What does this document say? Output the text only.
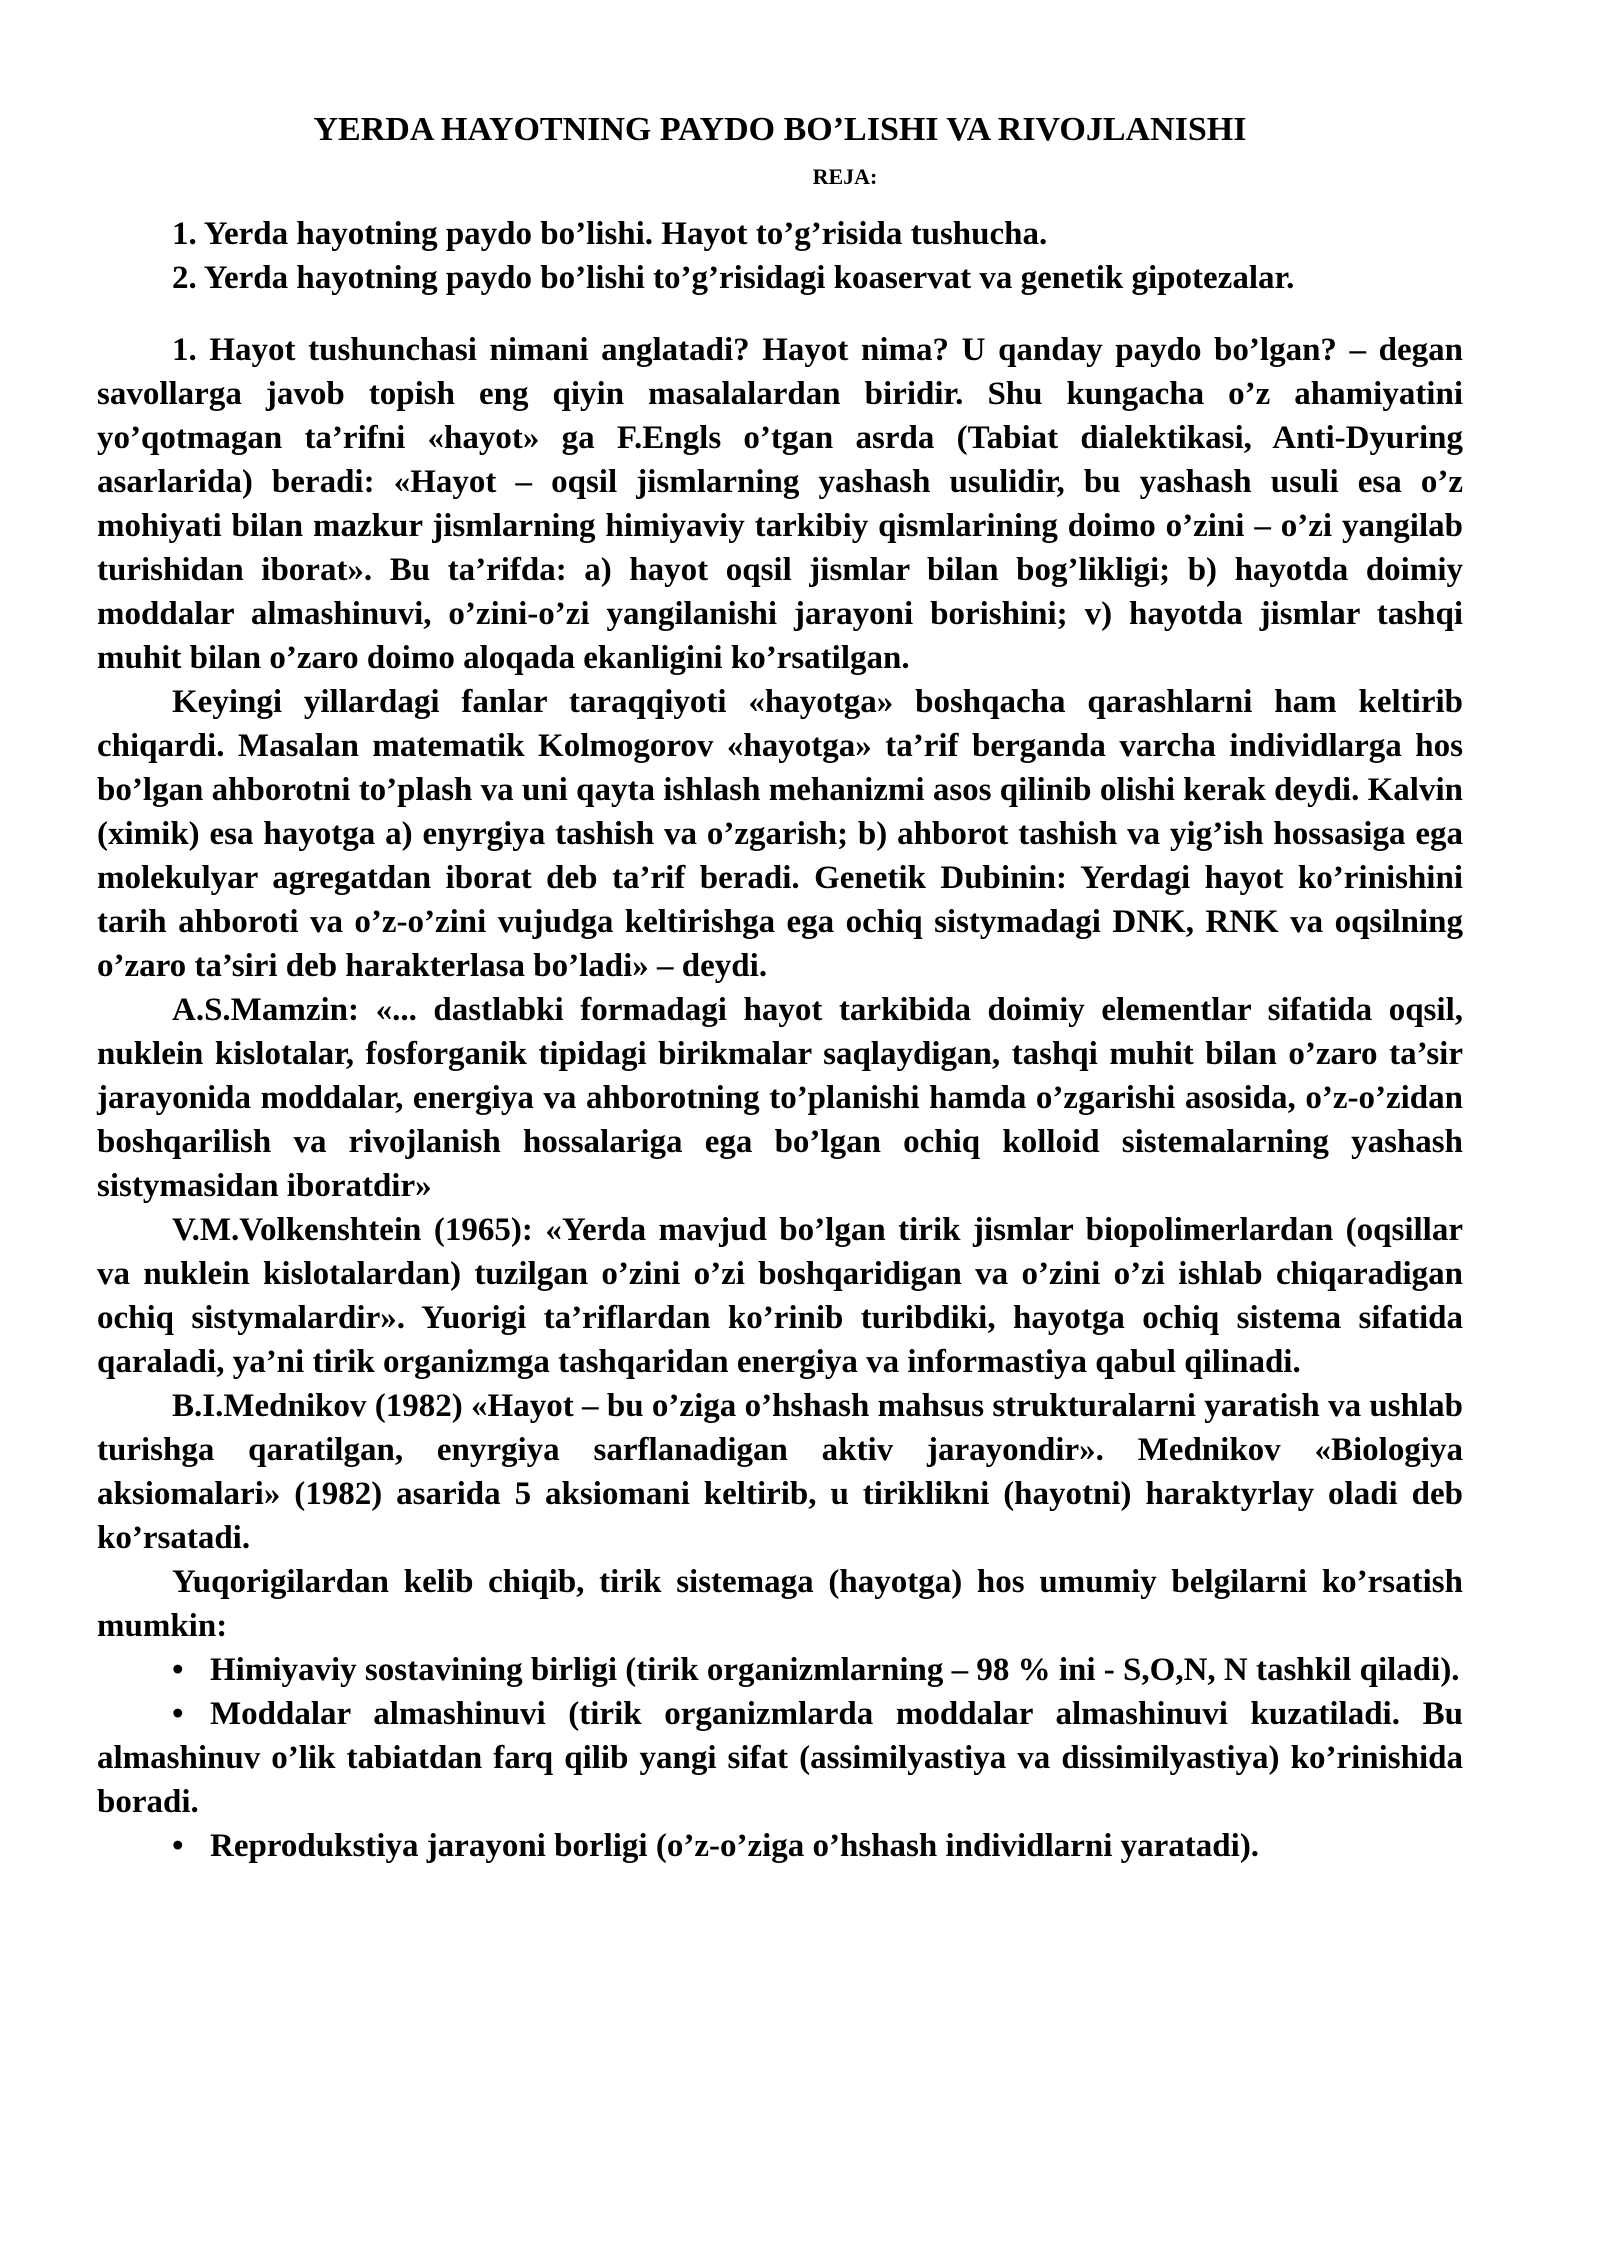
YERDA HAYOTNING PAYDO BO’LISHI VA RIVOJLANISHI
REJA:
1. Yerda hayotning paydo bo’lishi. Hayot to’g’risida tushucha.
2. Yerda hayotning paydo bo’lishi to’g’risidagi koaservat va genetik gipotezalar.

1. Hayot tushunchasi nimani anglatadi? Hayot nima? U qanday paydo bo’lgan? – degan savollarga javob topish eng qiyin masalalardan biridir. Shu kungacha o’z ahamiyatini yo’qotmagan ta’rifni «hayot» ga F.Engls o’tgan asrda (Tabiat dialektikasi, Anti-Dyuring asarlarida) beradi: «Hayot – oqsil jismlarning yashash usulidir, bu yashash usuli esa o’z mohiyati bilan mazkur jismlarning himiyaviy tarkibiy qismlarining doimo o’zini – o’zi yangilab turishidan iborat». Bu ta’rifda: a) hayot oqsil jismlar bilan bog’likligi; b) hayotda doimiy moddalar almashinuvi, o’zini-o’zi yangilanishi jarayoni borishini; v) hayotda jismlar tashqi muhit bilan o’zaro doimo aloqada ekanligini ko’rsatilgan.

Keyingi yillardagi fanlar taraqqiyoti «hayotga» boshqacha qarashlarni ham keltirib chiqardi. Masalan matematik Kolmogorov «hayotga» ta’rif berganda varcha individlarga hos bo’lgan ahborotni to’plash va uni qayta ishlash mehanizmi asos qilinib olishi kerak deydi. Kalvin (ximik) esa hayotga a) enyrgiya tashish va o’zgarish; b) ahborot tashish va yig’ish hossasiga ega molekulyar agregatdan iborat deb ta’rif beradi. Genetik Dubinin: Yerdagi hayot ko’rinishini tarih ahboroti va o’z-o’zini vujudga keltirishga ega ochiq sistymadagi DNK, RNK va oqsilning o’zaro ta’siri deb harakterlasa bo’ladi» – deydi.

A.S.Mamzin: «... dastlabki formadagi hayot tarkibida doimiy elementlar sifatida oqsil, nuklein kislotalar, fosforganik tipidagi birikmalar saqlaydigan, tashqi muhit bilan o’zaro ta’sir jarayonida moddalar, energiya va ahborotning to’planishi hamda o’zgarishi asosida, o’z-o’zidan boshqarilish va rivojlanish hossalariga ega bo’lgan ochiq kolloid sistemalarning yashash sistymasidan iboratdir»

V.M.Volkenshtein (1965): «Yerda mavjud bo’lgan tirik jismlar biopolimerlardan (oqsillar va nuklein kislotalardan) tuzilgan o’zini o’zi boshqaridigan va o’zini o’zi ishlab chiqaradigan ochiq sistymalardir». Yuorigi ta’riflardan ko’rinib turibdiki, hayotga ochiq sistema sifatida qaraladi, ya’ni tirik organizmga tashqaridan energiya va informastiya qabul qilinadi.

B.I.Mednikov (1982) «Hayot – bu o’ziga o’hshash mahsus strukturalarni yaratish va ushlab turishga qaratilgan, enyrgiya sarflanadigan aktiv jarayondir». Mednikov «Biologiya aksiomalari» (1982) asarida 5 aksiomani keltirib, u tiriklikni (hayotni) haraktyrlay oladi deb ko’rsatadi.

Yuqorigilardan kelib chiqib, tirik sistemaga (hayotga) hos umumiy belgilarni ko’rsatish mumkin:

• Himiyaviy sostavining birligi (tirik organizmlarning – 98 % ini - S,O,N, N tashkil qiladi).

• Moddalar almashinuvi (tirik organizmlarda moddalar almashinuvi kuzatiladi. Bu almashinuv o’lik tabiatdan farq qilib yangi sifat (assimilyastiya va dissimilyastiya) ko’rinishida boradi.

• Reprodukstiya jarayoni borligi (o’z-o’ziga o’hshash individlarni yaratadi).
